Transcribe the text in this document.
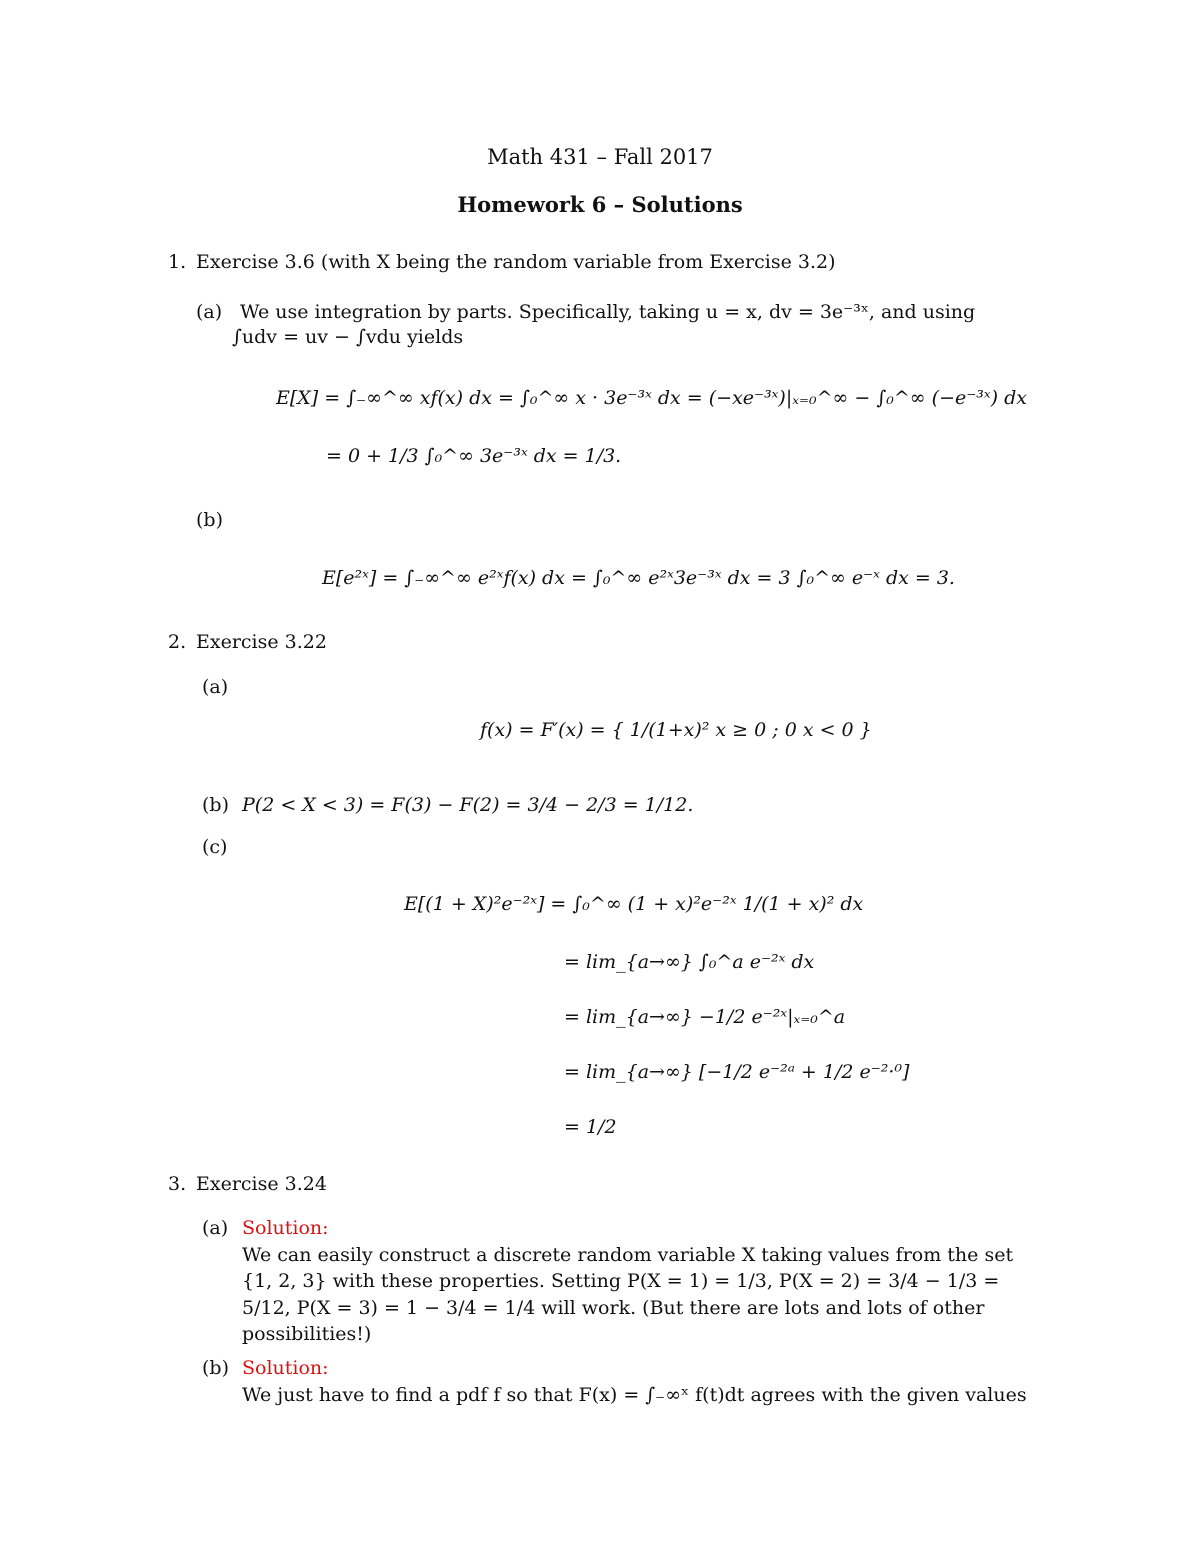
Math 431 – Fall 2017
Homework 6 – Solutions
1. Exercise 3.6 (with X being the random variable from Exercise 3.2)
(a) We use integration by parts. Specifically, taking u = x, dv = 3e⁻³ˣ, and using
∫udv = uv − ∫vdu yields
E[X] = ∫₋∞^∞ xf(x) dx = ∫₀^∞ x · 3e⁻³ˣ dx = (−xe⁻³ˣ)|ₓ₌₀^∞ − ∫₀^∞ (−e⁻³ˣ) dx
= 0 + 1/3 ∫₀^∞ 3e⁻³ˣ dx = 1/3.
(b)
E[e²ˣ] = ∫₋∞^∞ e²ˣf(x) dx = ∫₀^∞ e²ˣ3e⁻³ˣ dx = 3 ∫₀^∞ e⁻ˣ dx = 3.
2. Exercise 3.22
(a)
f(x) = F′(x) = { 1/(1+x)² x ≥ 0 ; 0 x < 0 }
(b) P(2 < X < 3) = F(3) − F(2) = 3/4 − 2/3 = 1/12.
(c)
E[(1 + X)²e⁻²ˣ] = ∫₀^∞ (1 + x)²e⁻²ˣ 1/(1 + x)² dx
= lim_{a→∞} ∫₀^a e⁻²ˣ dx
= lim_{a→∞} −1/2 e⁻²ˣ|ₓ₌₀^a
= lim_{a→∞} [−1/2 e⁻²ᵃ + 1/2 e⁻²·⁰]
= 1/2
3. Exercise 3.24
(a) Solution:
We can easily construct a discrete random variable X taking values from the set
{1, 2, 3} with these properties. Setting P(X = 1) = 1/3, P(X = 2) = 3/4 − 1/3 =
5/12, P(X = 3) = 1 − 3/4 = 1/4 will work. (But there are lots and lots of other
possibilities!)
(b) Solution:
We just have to find a pdf f so that F(x) = ∫₋∞ˣ f(t)dt agrees with the given values
